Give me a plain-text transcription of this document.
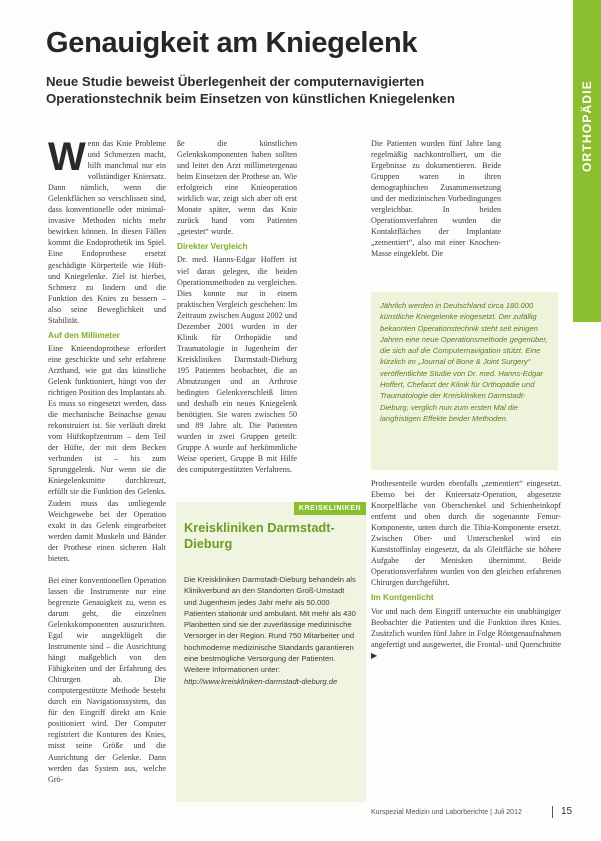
Genauigkeit am Kniegelenk
Neue Studie beweist Überlegenheit der computernavigierten
Operationstechnik beim Einsetzen von künstlichen Kniegelenken	ORTHOPÄDIE

Wenn das Knie Probleme und Schmerzen macht, hilft manchmal nur ein vollständiger Kniersatz. Dann nämlich, wenn die Gelenkflächen so verschlissen sind, dass konventionelle oder minimal-invasive Methoden nichts mehr bewirken können. In diesen Fällen kommt die Endoprothetik ins Spiel. Eine Endoprothese ersetzt geschädigte Körperteile wie Hüft- und Kniegelenke. Ziel ist hierbei, Schmerz zu lindern und die Funktion des Knies zu bessern – also seine Beweglichkeit und Stabilität.

Auf den Millimeter

Eine Knieendoprothese erfordert eine geschickte und sehr erfahrene Arzthand, wie gut das künstliche Gelenk funktioniert, hängt von der richtigen Position des Implantats ab. Es muss so eingesetzt werden, dass die mechanische Beinachse genau rekonstruiert ist. Sie verläuft direkt vom Hüftkopfzentrum – dem Teil der Hüfte, der mit dem Becken verbunden ist – bis zum Sprunggelenk. Nur wenn sie die Kniegelenksmitte durchkreuzt, erfüllt sie die Funktion des Gelenks. Zudem muss das umliegende Weichgewebe bei der Operation exakt in das Gelenk eingearbeitet werden damit Muskeln und Bänder der Prothese einen sicheren Halt bieten.

Bei einer konventionellen Operation lassen die Instrumente nur eine begrenzte Genauigkeit zu, wenn es darum geht, die einzelnen Gelenkskomponenten auszurichten. Egal wie ausgeklügelt die Instrumente sind – die Ausrichtung hängt maßgeblich von den Fähigkeiten und der Erfahrung des Chirurgen ab. Die computergestützte Methode besteht durch ein Navigationssystem, das für den Eingriff direkt am Knie positioniert wird. Der Computer registriert die Konturen des Knies, misst seine Größe und die Ausrichtung der Gelenke. Dann werden das System aus, welche Grö-

ße die künstlichen Gelenkskomponenten haben sollten und leitet den Arzt millimetergenau beim Einsetzen der Prothese an. Wie erfolgreich eine Knieoperation wirklich war, zeigt sich aber oft erst Monate später, wenn das Knie zurück hand vom Patienten „getestet“ wurde.

Direkter Vergleich

Dr. med. Hanns-Edgar Hoffert ist viel daran gelegen, die beiden Operationsmethoden zu vergleichen. Dies konnte nur in einem praktischen Vergleich geschehen: Im Zeitraum zwischen August 2002 und Dezember 2001 wurden in der Klinik für Orthopädie und Traumatologie in Jugenheim der Kreiskliniken Darmstadt-Dieburg 195 Patienten beobachtet, die an Abnutzungen und an Arthrose bedingten Gelenkverschleiß litten und deshalb ein neues Kniegelenk benötigten. Sie waren zwischen 50 und 89 Jahre alt. Die Patienten wurden in zwei Gruppen geteilt: Gruppe A wurde auf herkömmliche Weise operiert, Gruppe B mit Hilfe des computergestützten Verfahrens.

Die Patienten wurden fünf Jahre lang regelmäßig nachkontrolliert, um die Ergebnisse zu dokumentieren. Beide Gruppen waren in ihren demographischen Zusammensetzung und der medizinischen Vorbedingungen vergleichbar. In beiden Operationsverfahren wurden die Kontaktflächen der Implantate „zementiert“, also mit einer Knochen-Masse eingeklebt. Die

Jährlich werden in Deutschland circa 180.000 künstliche Kniegelenke eingesetzt. Der zufällig bekannten Operationstechnik steht seit einigen Jahren eine neue Operationsmethode gegenüber, die sich auf die Computernavigation stützt. Eine kürzlich im „Journal of Bone & Joint Surgery“ veröffentlichte Studie von Dr. med. Hanns-Edgar Hoffert, Chefarzt der Klinik für Orthopädie und Traumatologie der Kreiskliniken Darmstadt-Dieburg, verglich nun zum ersten Mal die langfristigen Effekte beider Methoden.

Prothesenteile wurden ebenfalls „zementiert“ eingesetzt. Ebenso bei der Knieersatz-Operation, abgesetzte Knorpelfläche von Oberschenkel und Schienbeinkopf entfernt und oben durch die sogenannte Femur-Komponente, unten durch die Tibia-Komponente ersetzt. Zwischen Ober- und Unterschenkel wird ein Kunststoffinlay eingesetzt, da als Gleitfläche sie höhere Aufgabe der Menisken übernimmt. Beide Operationsverfahren wurden von den gleichen erfahrenen Chirurgen durchgeführt.

Im Kontgenlicht

Vor und nach dem Eingriff untersuchte ein unabhängiger Beobachter die Patienten und die Funktion ihres Knies. Zusätzlich wurden fünf Jahre in Folge Röntgenaufnahmen angefertigt und ausgewertet, die Frontal- und Querschnitte ▶

KREISKLINIKEN
Kreiskliniken Darmstadt-Dieburg

Die Kreiskliniken Darmstadt-Dieburg behandeln als Klinikverbund an den Standorten Groß-Umstadt und Jugenheim jedes Jahr mehr als 50.000 Patienten stationär und ambulant. Mit mehr als 430 Planbetten sind sie der zuverlässige medizinische Versorger in der Region. Rund 750 Mitarbeiter und hochmoderne medizinische Standards garantieren eine bestmögliche Versorgung der Patienten.

Weitere Informationen unter:

http://www.kreiskliniken-darmstadt-dieburg.de

Kurspezial Medizin und Laborberichte | Juli 2012	15
